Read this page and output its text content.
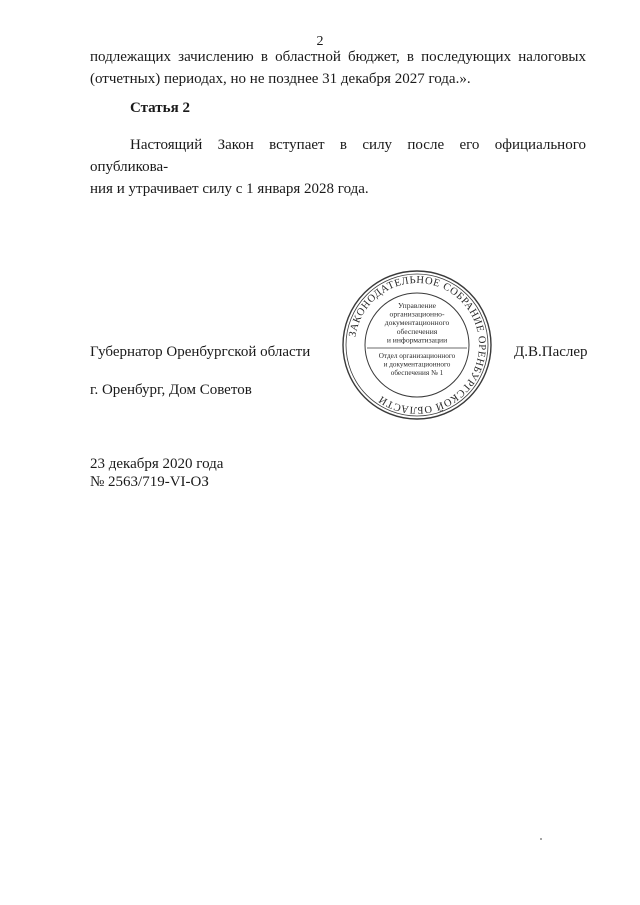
2
подлежащих зачислению в областной бюджет, в последующих налоговых
(отчетных) периодах, но не позднее 31 декабря 2027 года.».
Статья 2
Настоящий Закон вступает в силу после его официального опубликова-
ния и утрачивает силу с 1 января 2028 года.
ЗАКОНОДАТЕЛЬНОЕ СОБРАНИЕ ОРЕНБУРГСКОЙ ОБЛАСТИ
Управление
организационно-
документационного
обеспечения
и информатизации
Отдел организационного
и документационного
обеспечения № 1
Губернатор Оренбургской области	Д.В.Паслер
г. Оренбург, Дом Советов
23 декабря 2020 года
№ 2563/719-VI-ОЗ
